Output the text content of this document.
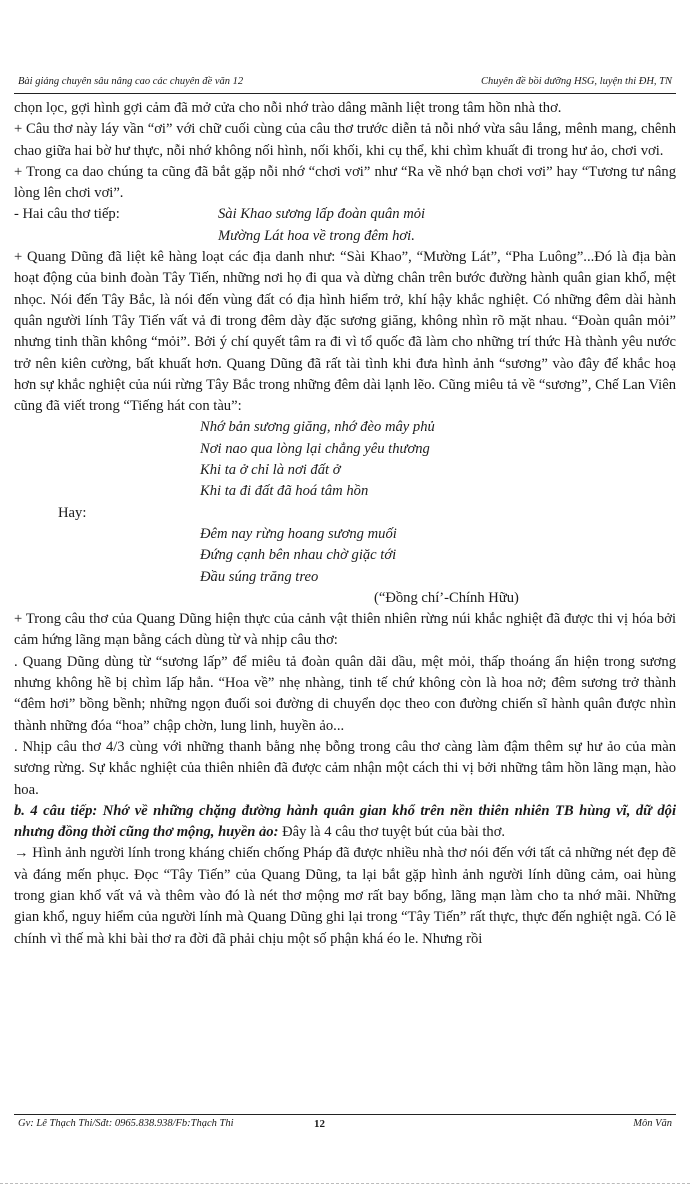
Bài giảng chuyên sâu nâng cao các chuyên đề văn 12	Chuyên đề bồi dưỡng HSG, luyện thi ĐH, TN

chọn lọc, gợi hình gợi cảm đã mở cửa cho nỗi nhớ trào dâng mãnh liệt trong tâm hồn nhà thơ.

+ Câu thơ này láy vần “ơi” với chữ cuối cùng của câu thơ trước diễn tả nỗi nhớ vừa sâu lắng, mênh mang, chênh chao giữa hai bờ hư thực, nỗi nhớ không nối hình, nối khối, khi cụ thể, khi chìm khuất đi trong hư ảo, chơi vơi.

+ Trong ca dao chúng ta cũng đã bắt gặp nỗi nhớ “chơi vơi” như “Ra về nhớ bạn chơi vơi” hay “Tương tư nâng lòng lên chơi vơi”.

- Hai câu thơ tiếp:	Sài Khao sương lấp đoàn quân mỏi

Mường Lát hoa về trong đêm hơi.

+ Quang Dũng đã liệt kê hàng loạt các địa danh như: “Sài Khao”, “Mường Lát”, “Pha Luông”...Đó là địa bàn hoạt động của binh đoàn Tây Tiến, những nơi họ đi qua và dừng chân trên bước đường hành quân gian khổ, mệt nhọc. Nói đến Tây Bắc, là nói đến vùng đất có địa hình hiểm trở, khí hậy khắc nghiệt. Có những đêm dài hành quân người lính Tây Tiến vất vả đi trong đêm dày đặc sương giăng, không nhìn rõ mặt nhau. “Đoàn quân mỏi” nhưng tinh thần không “mỏi”. Bởi ý chí quyết tâm ra đi vì tổ quốc đã làm cho những trí thức Hà thành yêu nước trở nên kiên cường, bất khuất hơn. Quang Dũng đã rất tài tình khi đưa hình ảnh “sương” vào đây để khắc hoạ hơn sự khắc nghiệt của núi rừng Tây Bắc trong những đêm dài lạnh lẽo. Cũng miêu tả về “sương”, Chế Lan Viên cũng đã viết trong “Tiếng hát con tàu”:

Nhớ bản sương giăng, nhớ đèo mây phủ

Nơi nao qua lòng lại chẳng yêu thương

Khi ta ở chỉ là nơi đất ở

Khi ta đi đất đã hoá tâm hồn

Hay:

Đêm nay rừng hoang sương muối

Đứng cạnh bên nhau chờ giặc tới

Đầu súng trăng treo

(“Đồng chí’-Chính Hữu)

+ Trong câu thơ của Quang Dũng hiện thực của cảnh vật thiên nhiên rừng núi khắc nghiệt đã được thi vị hóa bởi cảm hứng lãng mạn bằng cách dùng từ và nhịp câu thơ:

. Quang Dũng dùng từ “sương lấp” để miêu tả đoàn quân dãi dầu, mệt mỏi, thấp thoáng ẩn hiện trong sương nhưng không hề bị chìm lấp hẳn. “Hoa về” nhẹ nhàng, tinh tế chứ không còn là hoa nở; đêm sương trở thành “đêm hơi” bồng bềnh; những ngọn đuối soi đường di chuyển dọc theo con đường chiến sĩ hành quân được nhìn thành những đóa “hoa” chập chờn, lung linh, huyền ảo...

. Nhịp câu thơ 4/3 cùng với những thanh bằng nhẹ bỗng trong câu thơ càng làm đậm thêm sự hư ảo của màn sương rừng. Sự khắc nghiệt của thiên nhiên đã được cảm nhận một cách thi vị bởi những tâm hồn lãng mạn, hào hoa.

b. 4 câu tiếp: Nhớ về những chặng đường hành quân gian khổ trên nền thiên nhiên TB hùng vĩ, dữ dội nhưng đồng thời cũng thơ mộng, huyền ảo: Đây là 4 câu thơ tuyệt bút của bài thơ.

→ Hình ảnh người lính trong kháng chiến chống Pháp đã được nhiều nhà thơ nói đến với tất cả những nét đẹp đẽ và đáng mến phục. Đọc “Tây Tiến” của Quang Dũng, ta lại bắt gặp hình ảnh người lính dũng cảm, oai hùng trong gian khổ vất vả và thêm vào đó là nét thơ mộng mơ rất bay bổng, lãng mạn làm cho ta nhớ mãi. Những gian khổ, nguy hiểm của người lính mà Quang Dũng ghi lại trong “Tây Tiến” rất thực, thực đến nghiệt ngã. Có lẽ chính vì thế mà khi bài thơ ra đời đã phải chịu một số phận khá éo le. Nhưng rồi

Gv: Lê Thạch Thi/Sđt: 0965.838.938/Fb:Thạch Thi	12	Môn Văn
